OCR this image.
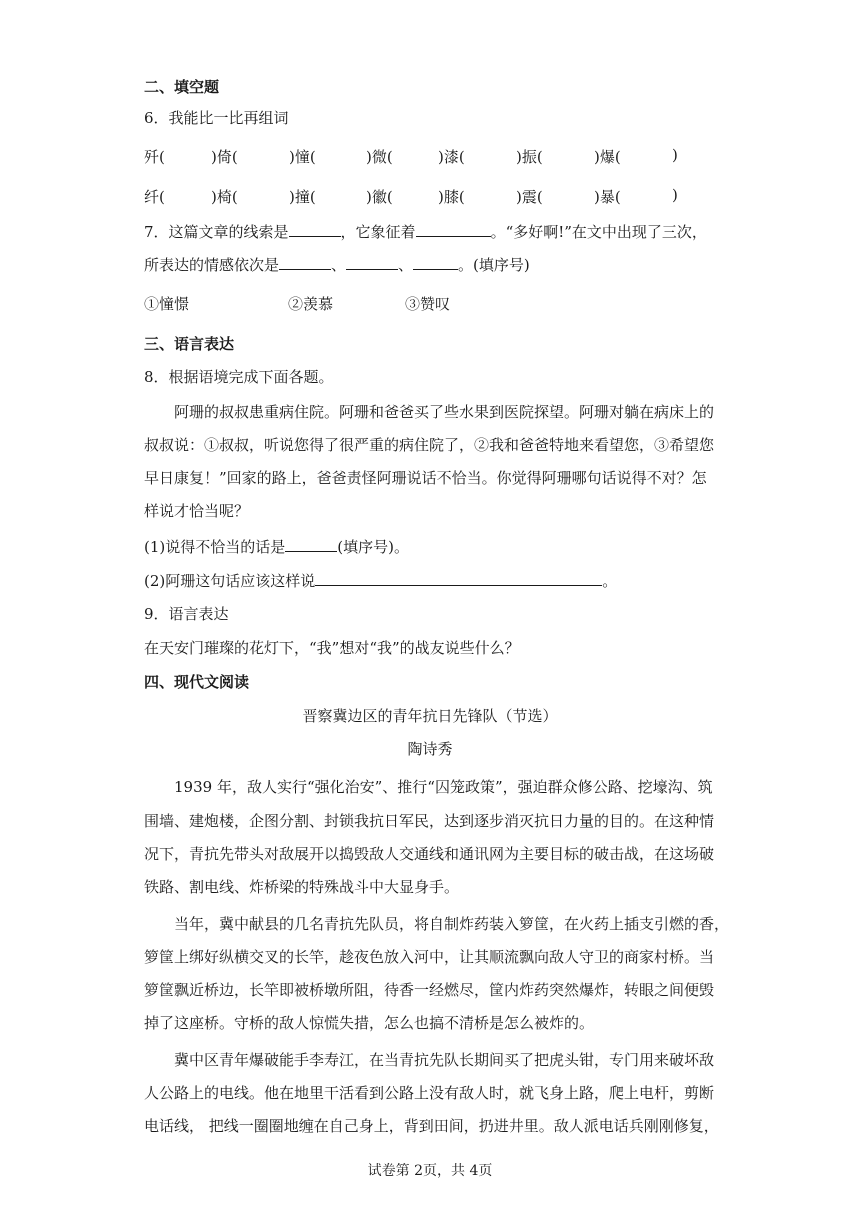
二、填空题
6．我能比一比再组词
歼(	)倚(	)憧(	)微(	)漆(	)振(	)爆(	)
纤(	)椅(	)撞(	)徽(	)膝(	)震(	)暴(	)
7．这篇文章的线索是	，它象征着	。“多好啊!”在文中出现了三次，
所表达的情感依次是	、	、	。(填序号)
①憧憬	②羡慕	③赞叹
三、语言表达
8．根据语境完成下面各题。
阿珊的叔叔患重病住院。阿珊和爸爸买了些水果到医院探望。阿珊对躺在病床上的
叔叔说：①叔叔，听说您得了很严重的病住院了，②我和爸爸特地来看望您，③希望您
早日康复！”回家的路上，爸爸责怪阿珊说话不恰当。你觉得阿珊哪句话说得不对？怎
样说才恰当呢？
(1)说得不恰当的话是	(填序号)。
(2)阿珊这句话应该这样说	。
9．语言表达
在天安门璀璨的花灯下，“我”想对“我”的战友说些什么？
四、现代文阅读
晋察冀边区的青年抗日先锋队（节选）
陶诗秀
1939 年，敌人实行“强化治安”、推行“囚笼政策”，强迫群众修公路、挖壕沟、筑
围墙、建炮楼，企图分割、封锁我抗日军民，达到逐步消灭抗日力量的目的。在这种情
况下，青抗先带头对敌展开以捣毁敌人交通线和通讯网为主要目标的破击战，在这场破
铁路、割电线、炸桥梁的特殊战斗中大显身手。
当年，冀中献县的几名青抗先队员，将自制炸药装入箩筐，在火药上插支引燃的香，
箩筐上绑好纵横交叉的长竿，趁夜色放入河中，让其顺流飘向敌人守卫的商家村桥。当
箩筐飘近桥边，长竿即被桥墩所阻，待香一经燃尽，筐内炸药突然爆炸，转眼之间便毁
掉了这座桥。守桥的敌人惊慌失措，怎么也搞不清桥是怎么被炸的。
冀中区青年爆破能手李寿江，在当青抗先队长期间买了把虎头钳，专门用来破坏敌
人公路上的电线。他在地里干活看到公路上没有敌人时，就飞身上路，爬上电杆，剪断
电话线， 把线一圈圈地缠在自己身上，背到田间，扔进井里。敌人派电话兵刚刚修复，
试卷第 2页，共 4页
